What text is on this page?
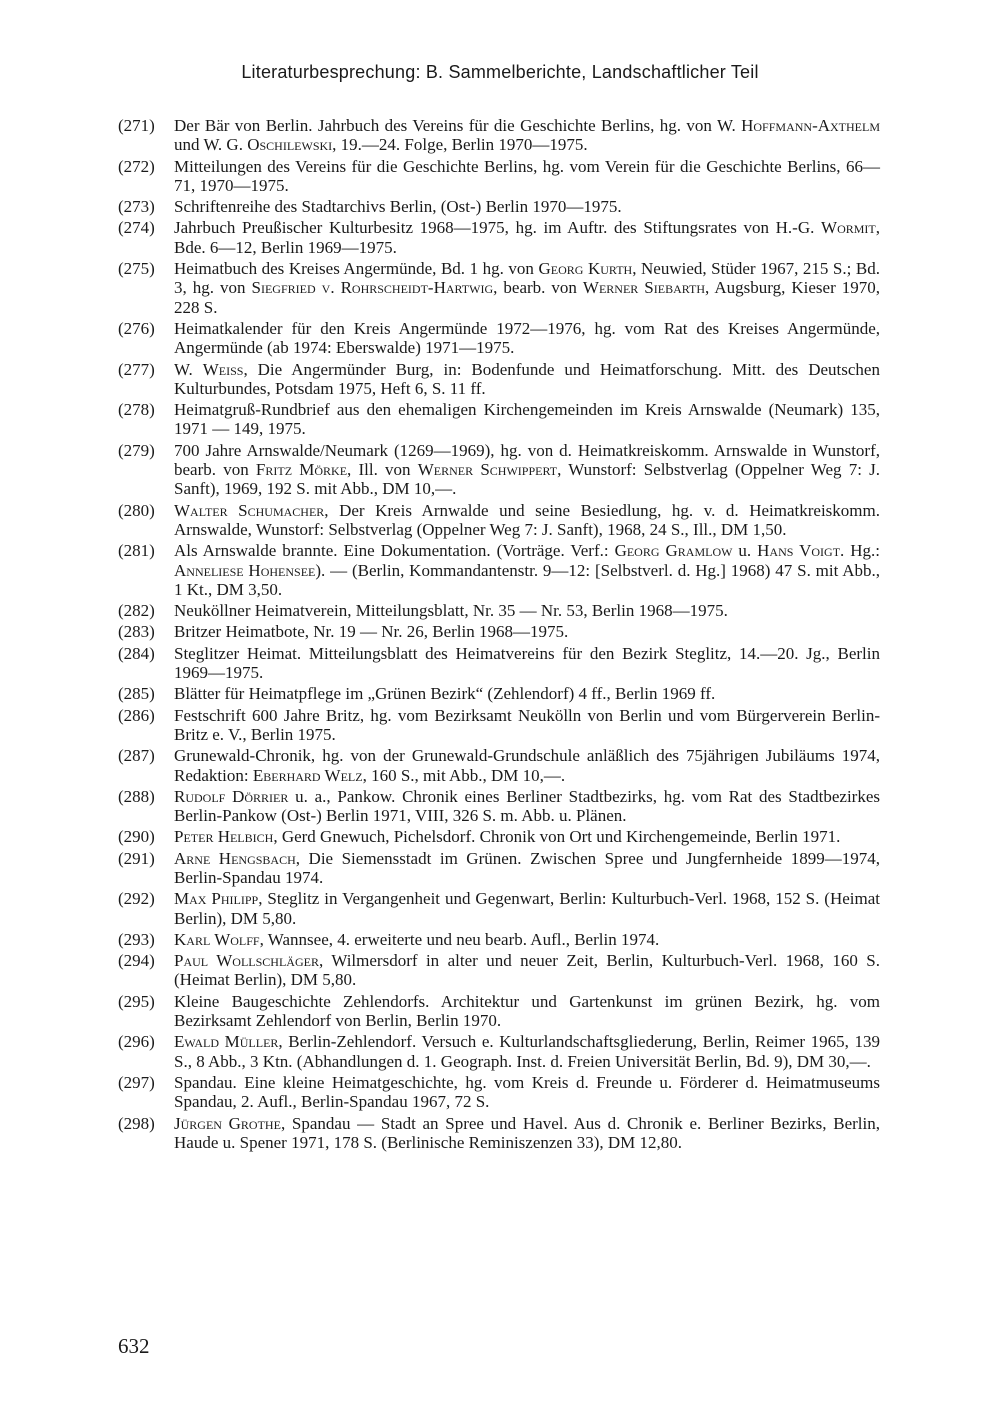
Literaturbesprechung: B. Sammelberichte, Landschaftlicher Teil
(271)	Der Bär von Berlin. Jahrbuch des Vereins für die Geschichte Berlins, hg. von W. Hoffmann-Axthelm und W. G. Oschilewski, 19.—24. Folge, Berlin 1970—1975.
(272)	Mitteilungen des Vereins für die Geschichte Berlins, hg. vom Verein für die Geschichte Berlins, 66—71, 1970—1975.
(273)	Schriftenreihe des Stadtarchivs Berlin, (Ost-) Berlin 1970—1975.
(274)	Jahrbuch Preußischer Kulturbesitz 1968—1975, hg. im Auftr. des Stiftungsrates von H.-G. Wormit, Bde. 6—12, Berlin 1969—1975.
(275)	Heimatbuch des Kreises Angermünde, Bd. 1 hg. von Georg Kurth, Neuwied, Stüder 1967, 215 S.; Bd. 3, hg. von Siegfried v. Rohrscheidt-Hartwig, bearb. von Werner Siebarth, Augsburg, Kieser 1970, 228 S.
(276)	Heimatkalender für den Kreis Angermünde 1972—1976, hg. vom Rat des Kreises Angermünde, Angermünde (ab 1974: Eberswalde) 1971—1975.
(277)	W. Weiss, Die Angermünder Burg, in: Bodenfunde und Heimatforschung. Mitt. des Deutschen Kulturbundes, Potsdam 1975, Heft 6, S. 11 ff.
(278)	Heimatgruß-Rundbrief aus den ehemaligen Kirchengemeinden im Kreis Arnswalde (Neumark) 135, 1971 — 149, 1975.
(279)	700 Jahre Arnswalde/Neumark (1269—1969), hg. von d. Heimatkreiskomm. Arnswalde in Wunstorf, bearb. von Fritz Mörke, Ill. von Werner Schwippert, Wunstorf: Selbstverlag (Oppelner Weg 7: J. Sanft), 1969, 192 S. mit Abb., DM 10,—.
(280)	Walter Schumacher, Der Kreis Arnwalde und seine Besiedlung, hg. v. d. Heimatkreiskomm. Arnswalde, Wunstorf: Selbstverlag (Oppelner Weg 7: J. Sanft), 1968, 24 S., Ill., DM 1,50.
(281)	Als Arnswalde brannte. Eine Dokumentation. (Vorträge. Verf.: Georg Gramlow u. Hans Voigt. Hg.: Anneliese Hohensee). — (Berlin, Kommandantenstr. 9—12: [Selbstverl. d. Hg.] 1968) 47 S. mit Abb., 1 Kt., DM 3,50.
(282)	Neuköllner Heimatverein, Mitteilungsblatt, Nr. 35 — Nr. 53, Berlin 1968—1975.
(283)	Britzer Heimatbote, Nr. 19 — Nr. 26, Berlin 1968—1975.
(284)	Steglitzer Heimat. Mitteilungsblatt des Heimatvereins für den Bezirk Steglitz, 14.—20. Jg., Berlin 1969—1975.
(285)	Blätter für Heimatpflege im „Grünen Bezirk“ (Zehlendorf) 4 ff., Berlin 1969 ff.
(286)	Festschrift 600 Jahre Britz, hg. vom Bezirksamt Neukölln von Berlin und vom Bürgerverein Berlin-Britz e. V., Berlin 1975.
(287)	Grunewald-Chronik, hg. von der Grunewald-Grundschule anläßlich des 75jährigen Jubiläums 1974, Redaktion: Eberhard Welz, 160 S., mit Abb., DM 10,—.
(288)	Rudolf Dörrier u. a., Pankow. Chronik eines Berliner Stadtbezirks, hg. vom Rat des Stadtbezirkes Berlin-Pankow (Ost-) Berlin 1971, VIII, 326 S. m. Abb. u. Plänen.
(290)	Peter Helbich, Gerd Gnewuch, Pichelsdorf. Chronik von Ort und Kirchengemeinde, Berlin 1971.
(291)	Arne Hengsbach, Die Siemensstadt im Grünen. Zwischen Spree und Jungfernheide 1899—1974, Berlin-Spandau 1974.
(292)	Max Philipp, Steglitz in Vergangenheit und Gegenwart, Berlin: Kulturbuch-Verl. 1968, 152 S. (Heimat Berlin), DM 5,80.
(293)	Karl Wolff, Wannsee, 4. erweiterte und neu bearb. Aufl., Berlin 1974.
(294)	Paul Wollschläger, Wilmersdorf in alter und neuer Zeit, Berlin, Kulturbuch-Verl. 1968, 160 S. (Heimat Berlin), DM 5,80.
(295)	Kleine Baugeschichte Zehlendorfs. Architektur und Gartenkunst im grünen Bezirk, hg. vom Bezirksamt Zehlendorf von Berlin, Berlin 1970.
(296)	Ewald Müller, Berlin-Zehlendorf. Versuch e. Kulturlandschaftsgliederung, Berlin, Reimer 1965, 139 S., 8 Abb., 3 Ktn. (Abhandlungen d. 1. Geograph. Inst. d. Freien Universität Berlin, Bd. 9), DM 30,—.
(297)	Spandau. Eine kleine Heimatgeschichte, hg. vom Kreis d. Freunde u. Förderer d. Heimatmuseums Spandau, 2. Aufl., Berlin-Spandau 1967, 72 S.
(298)	Jürgen Grothe, Spandau — Stadt an Spree und Havel. Aus d. Chronik e. Berliner Bezirks, Berlin, Haude u. Spener 1971, 178 S. (Berlinische Reminiszenzen 33), DM 12,80.
632
